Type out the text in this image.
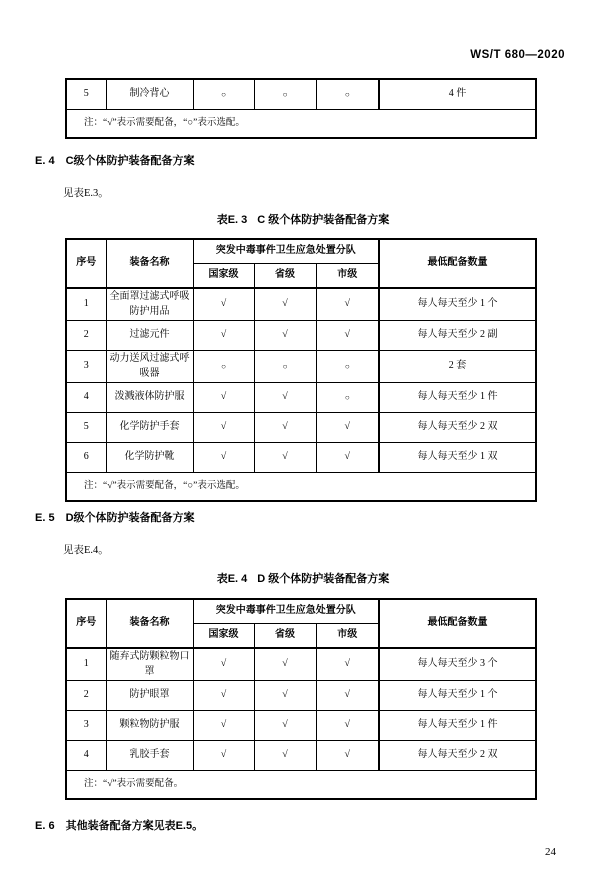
WS/T 680—2020
5	制冷背心	○	○	○	4 件
注：“√”表示需要配备，“○”表示选配。
E. 4 C级个体防护装备配备方案
见表E.3。
表E. 3 C 级个体防护装备配备方案
序号	装备名称	突发中毒事件卫生应急处置分队			最低配备数量
		国家级	省级	市级	
1	全面罩过滤式呼吸防护用品	√	√	√	每人每天至少 1 个
2	过滤元件	√	√	√	每人每天至少 2 副
3	动力送风过滤式呼吸器	○	○	○	2 套
4	泼溅液体防护服	√	√	○	每人每天至少 1 件
5	化学防护手套	√	√	√	每人每天至少 2 双
6	化学防护靴	√	√	√	每人每天至少 1 双
注：“√”表示需要配备，“○”表示选配。					
E. 5 D级个体防护装备配备方案
见表E.4。
表E. 4 D 级个体防护装备配备方案
序号	装备名称	突发中毒事件卫生应急处置分队			最低配备数量
		国家级	省级	市级	
1	随弃式防颗粒物口罩	√	√	√	每人每天至少 3 个
2	防护眼罩	√	√	√	每人每天至少 1 个
3	颗粒物防护服	√	√	√	每人每天至少 1 件
4	乳胶手套	√	√	√	每人每天至少 2 双
注：“√”表示需要配备。					
E. 6 其他装备配备方案见表E.5。
24
